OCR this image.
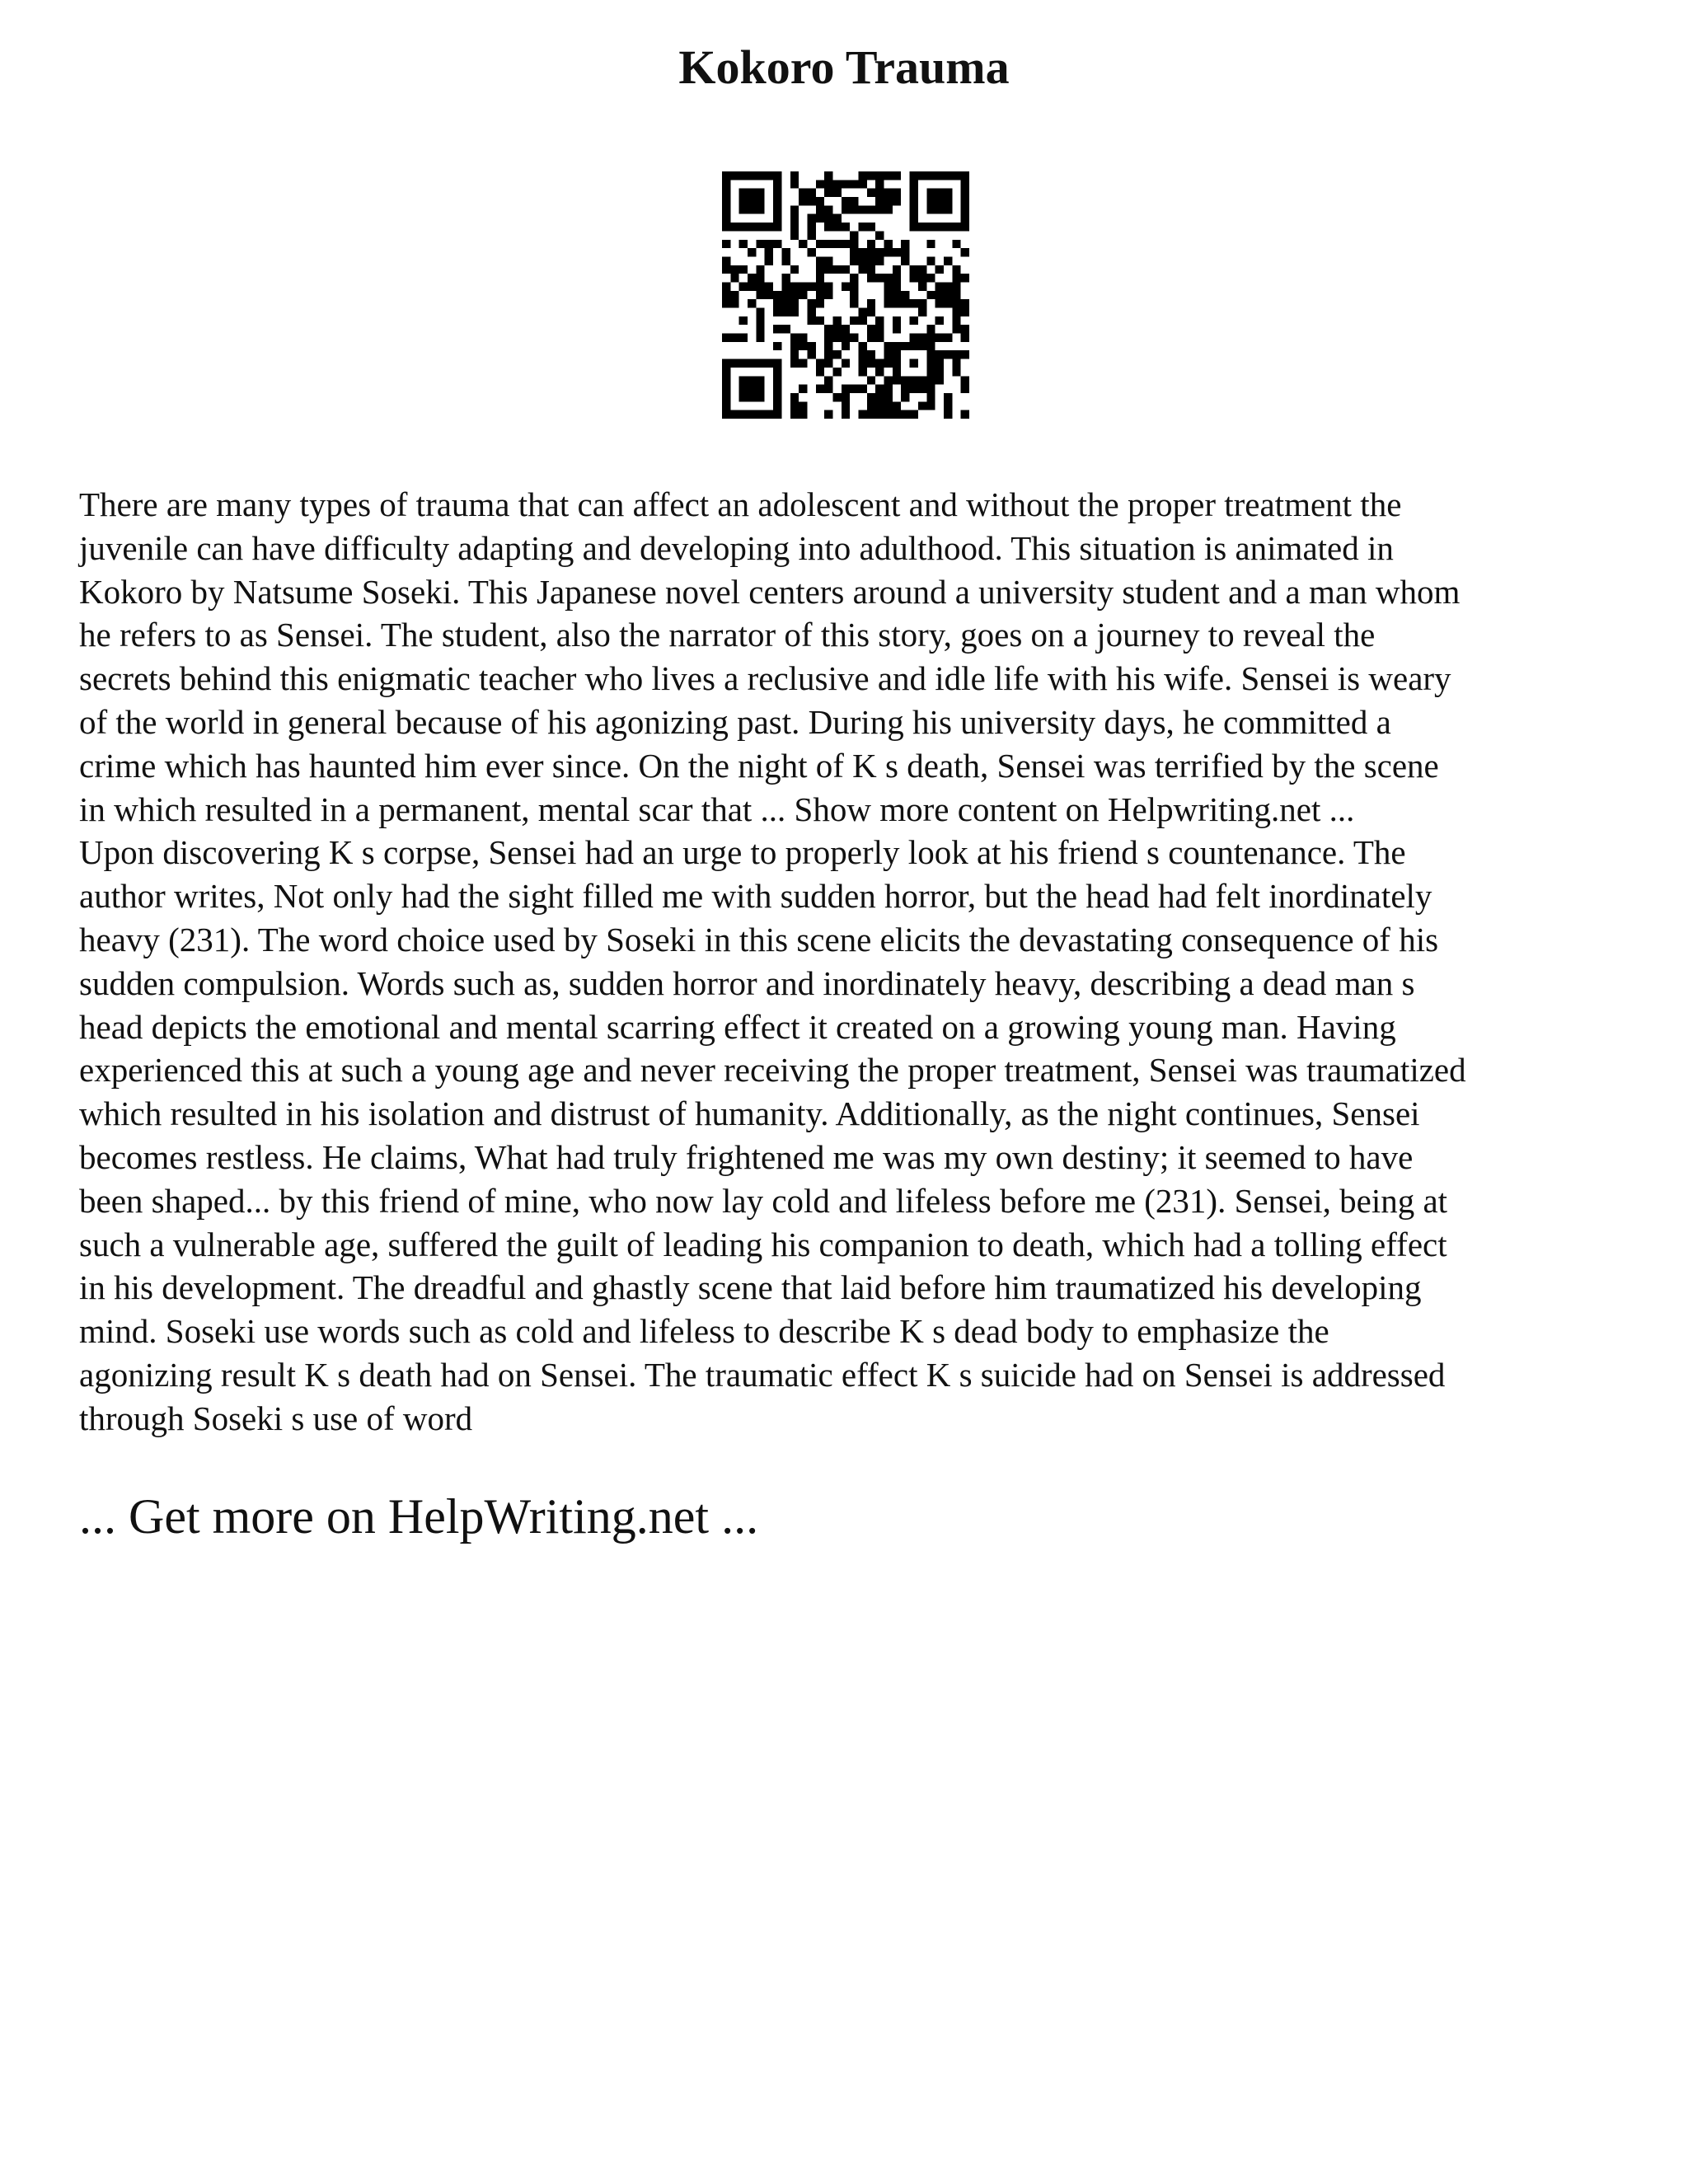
Kokoro Trauma

There are many types of trauma that can affect an adolescent and without the proper treatment the
juvenile can have difficulty adapting and developing into adulthood. This situation is animated in
Kokoro by Natsume Soseki. This Japanese novel centers around a university student and a man whom
he refers to as Sensei. The student, also the narrator of this story, goes on a journey to reveal the
secrets behind this enigmatic teacher who lives a reclusive and idle life with his wife. Sensei is weary
of the world in general because of his agonizing past. During his university days, he committed a
crime which has haunted him ever since. On the night of K s death, Sensei was terrified by the scene
in which resulted in a permanent, mental scar that ... Show more content on Helpwriting.net ...
Upon discovering K s corpse, Sensei had an urge to properly look at his friend s countenance. The
author writes, Not only had the sight filled me with sudden horror, but the head had felt inordinately
heavy (231). The word choice used by Soseki in this scene elicits the devastating consequence of his
sudden compulsion. Words such as, sudden horror and inordinately heavy, describing a dead man s
head depicts the emotional and mental scarring effect it created on a growing young man. Having
experienced this at such a young age and never receiving the proper treatment, Sensei was traumatized
which resulted in his isolation and distrust of humanity. Additionally, as the night continues, Sensei
becomes restless. He claims, What had truly frightened me was my own destiny; it seemed to have
been shaped... by this friend of mine, who now lay cold and lifeless before me (231). Sensei, being at
such a vulnerable age, suffered the guilt of leading his companion to death, which had a tolling effect
in his development. The dreadful and ghastly scene that laid before him traumatized his developing
mind. Soseki use words such as cold and lifeless to describe K s dead body to emphasize the
agonizing result K s death had on Sensei. The traumatic effect K s suicide had on Sensei is addressed
through Soseki s use of word

... Get more on HelpWriting.net ...
